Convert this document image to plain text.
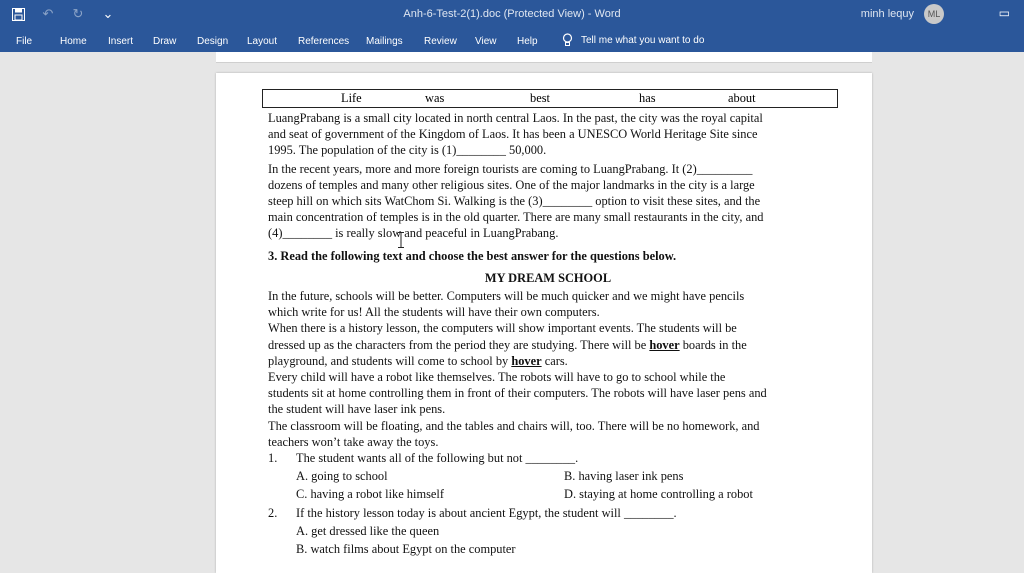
↶ ↻ ⌄	Anh-6-Test-2(1).doc (Protected View) - Word	minh lequy	ML	▭
File	Home Insert Draw Design Layout References Mailings Review View Help	Tell me what you want to do
Life	was	best	has	about

LuangPrabang is a small city located in north central Laos. In the past, the city was the royal capital

and seat of government of the Kingdom of Laos. It has been a UNESCO World Heritage Site since

1995. The population of the city is (1)________ 50,000.

In the recent years, more and more foreign tourists are coming to LuangPrabang. It (2)_________

dozens of temples and many other religious sites. One of the major landmarks in the city is a large

steep hill on which sits WatChom Si. Walking is the (3)________ option to visit these sites, and the

main concentration of temples is in the old quarter. There are many small restaurants in the city, and

(4)________ is really slow and peaceful in LuangPrabang.

3. Read the following text and choose the best answer for the questions below.

MY DREAM SCHOOL

In the future, schools will be better. Computers will be much quicker and we might have pencils

which write for us! All the students will have their own computers.

When there is a history lesson, the computers will show important events. The students will be

dressed up as the characters from the period they are studying. There will be hover boards in the

playground, and students will come to school by hover cars.

Every child will have a robot like themselves. The robots will have to go to school while the

students sit at home controlling them in front of their computers. The robots will have laser pens and

the student will have laser ink pens.

The classroom will be floating, and the tables and chairs will, too. There will be no homework, and

teachers won’t take away the toys.

1.	The student wants all of the following but not ________.
A. going to school	B. having laser ink pens
C. having a robot like himself	D. staying at home controlling a robot
2.	If the history lesson today is about ancient Egypt, the student will ________.
A. get dressed like the queen
B. watch films about Egypt on the computer
